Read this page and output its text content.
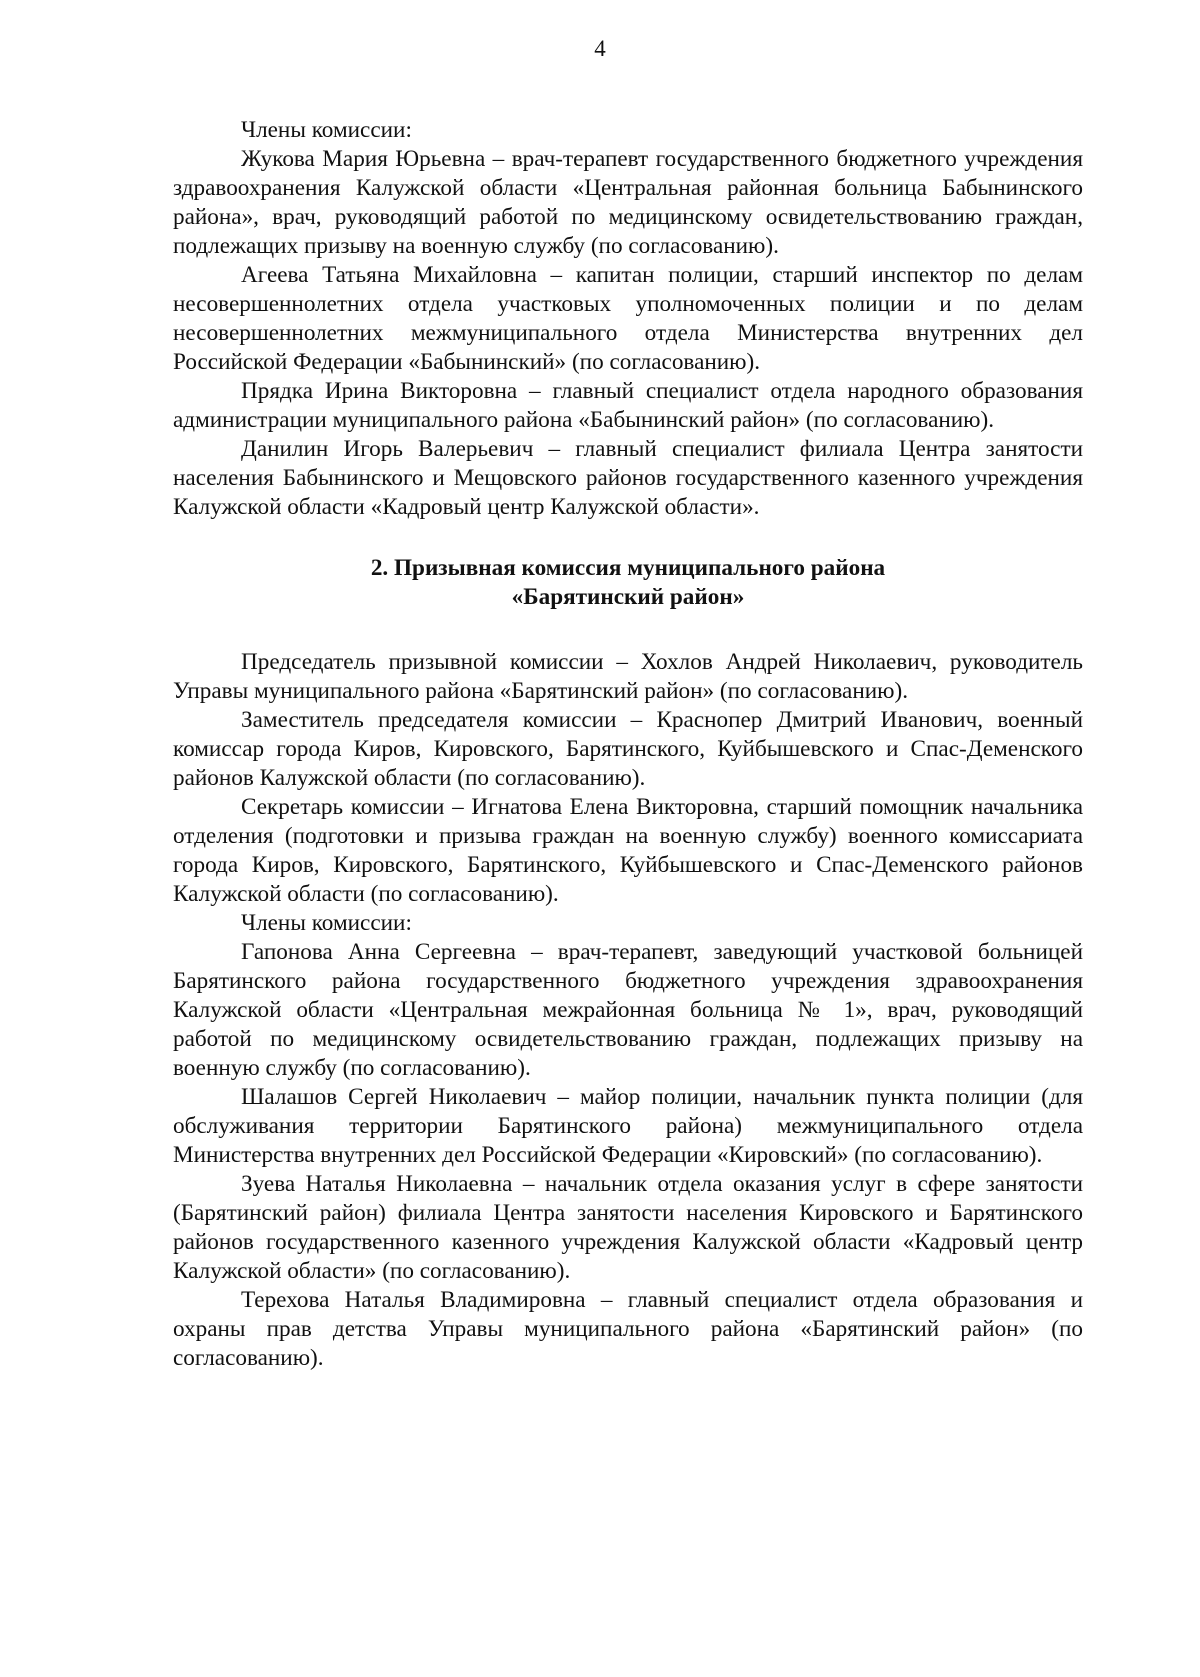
4

Члены комиссии:

Жукова Мария Юрьевна – врач-терапевт государственного бюджетного учреждения здравоохранения Калужской области «Центральная районная больница Бабынинского района», врач, руководящий работой по медицинскому освидетельствованию граждан, подлежащих призыву на военную службу (по согласованию).

Агеева Татьяна Михайловна – капитан полиции, старший инспектор по делам несовершеннолетних отдела участковых уполномоченных полиции и по делам несовершеннолетних межмуниципального отдела Министерства внутренних дел Российской Федерации «Бабынинский» (по согласованию).

Прядка Ирина Викторовна – главный специалист отдела народного образования администрации муниципального района «Бабынинский район» (по согласованию).

Данилин Игорь Валерьевич – главный специалист филиала Центра занятости населения Бабынинского и Мещовского районов государственного казенного учреждения Калужской области «Кадровый центр Калужской области».

2. Призывная комиссия муниципального района
«Барятинский район»

Председатель призывной комиссии – Хохлов Андрей Николаевич, руководитель Управы муниципального района «Барятинский район» (по согласованию).

Заместитель председателя комиссии – Краснопер Дмитрий Иванович, военный комиссар города Киров, Кировского, Барятинского, Куйбышевского и Спас-Деменского районов Калужской области (по согласованию).

Секретарь комиссии – Игнатова Елена Викторовна, старший помощник начальника отделения (подготовки и призыва граждан на военную службу) военного комиссариата города Киров, Кировского, Барятинского, Куйбышевского и Спас-Деменского районов Калужской области (по согласованию).

Члены комиссии:

Гапонова Анна Сергеевна – врач-терапевт, заведующий участковой больницей Барятинского района государственного бюджетного учреждения здравоохранения Калужской области «Центральная межрайонная больница № 1», врач, руководящий работой по медицинскому освидетельствованию граждан, подлежащих призыву на военную службу (по согласованию).

Шалашов Сергей Николаевич – майор полиции, начальник пункта полиции (для обслуживания территории Барятинского района) межмуниципального отдела Министерства внутренних дел Российской Федерации «Кировский» (по согласованию).

Зуева Наталья Николаевна – начальник отдела оказания услуг в сфере занятости (Барятинский район) филиала Центра занятости населения Кировского и Барятинского районов государственного казенного учреждения Калужской области «Кадровый центр Калужской области» (по согласованию).

Терехова Наталья Владимировна – главный специалист отдела образования и охраны прав детства Управы муниципального района «Барятинский район» (по согласованию).
